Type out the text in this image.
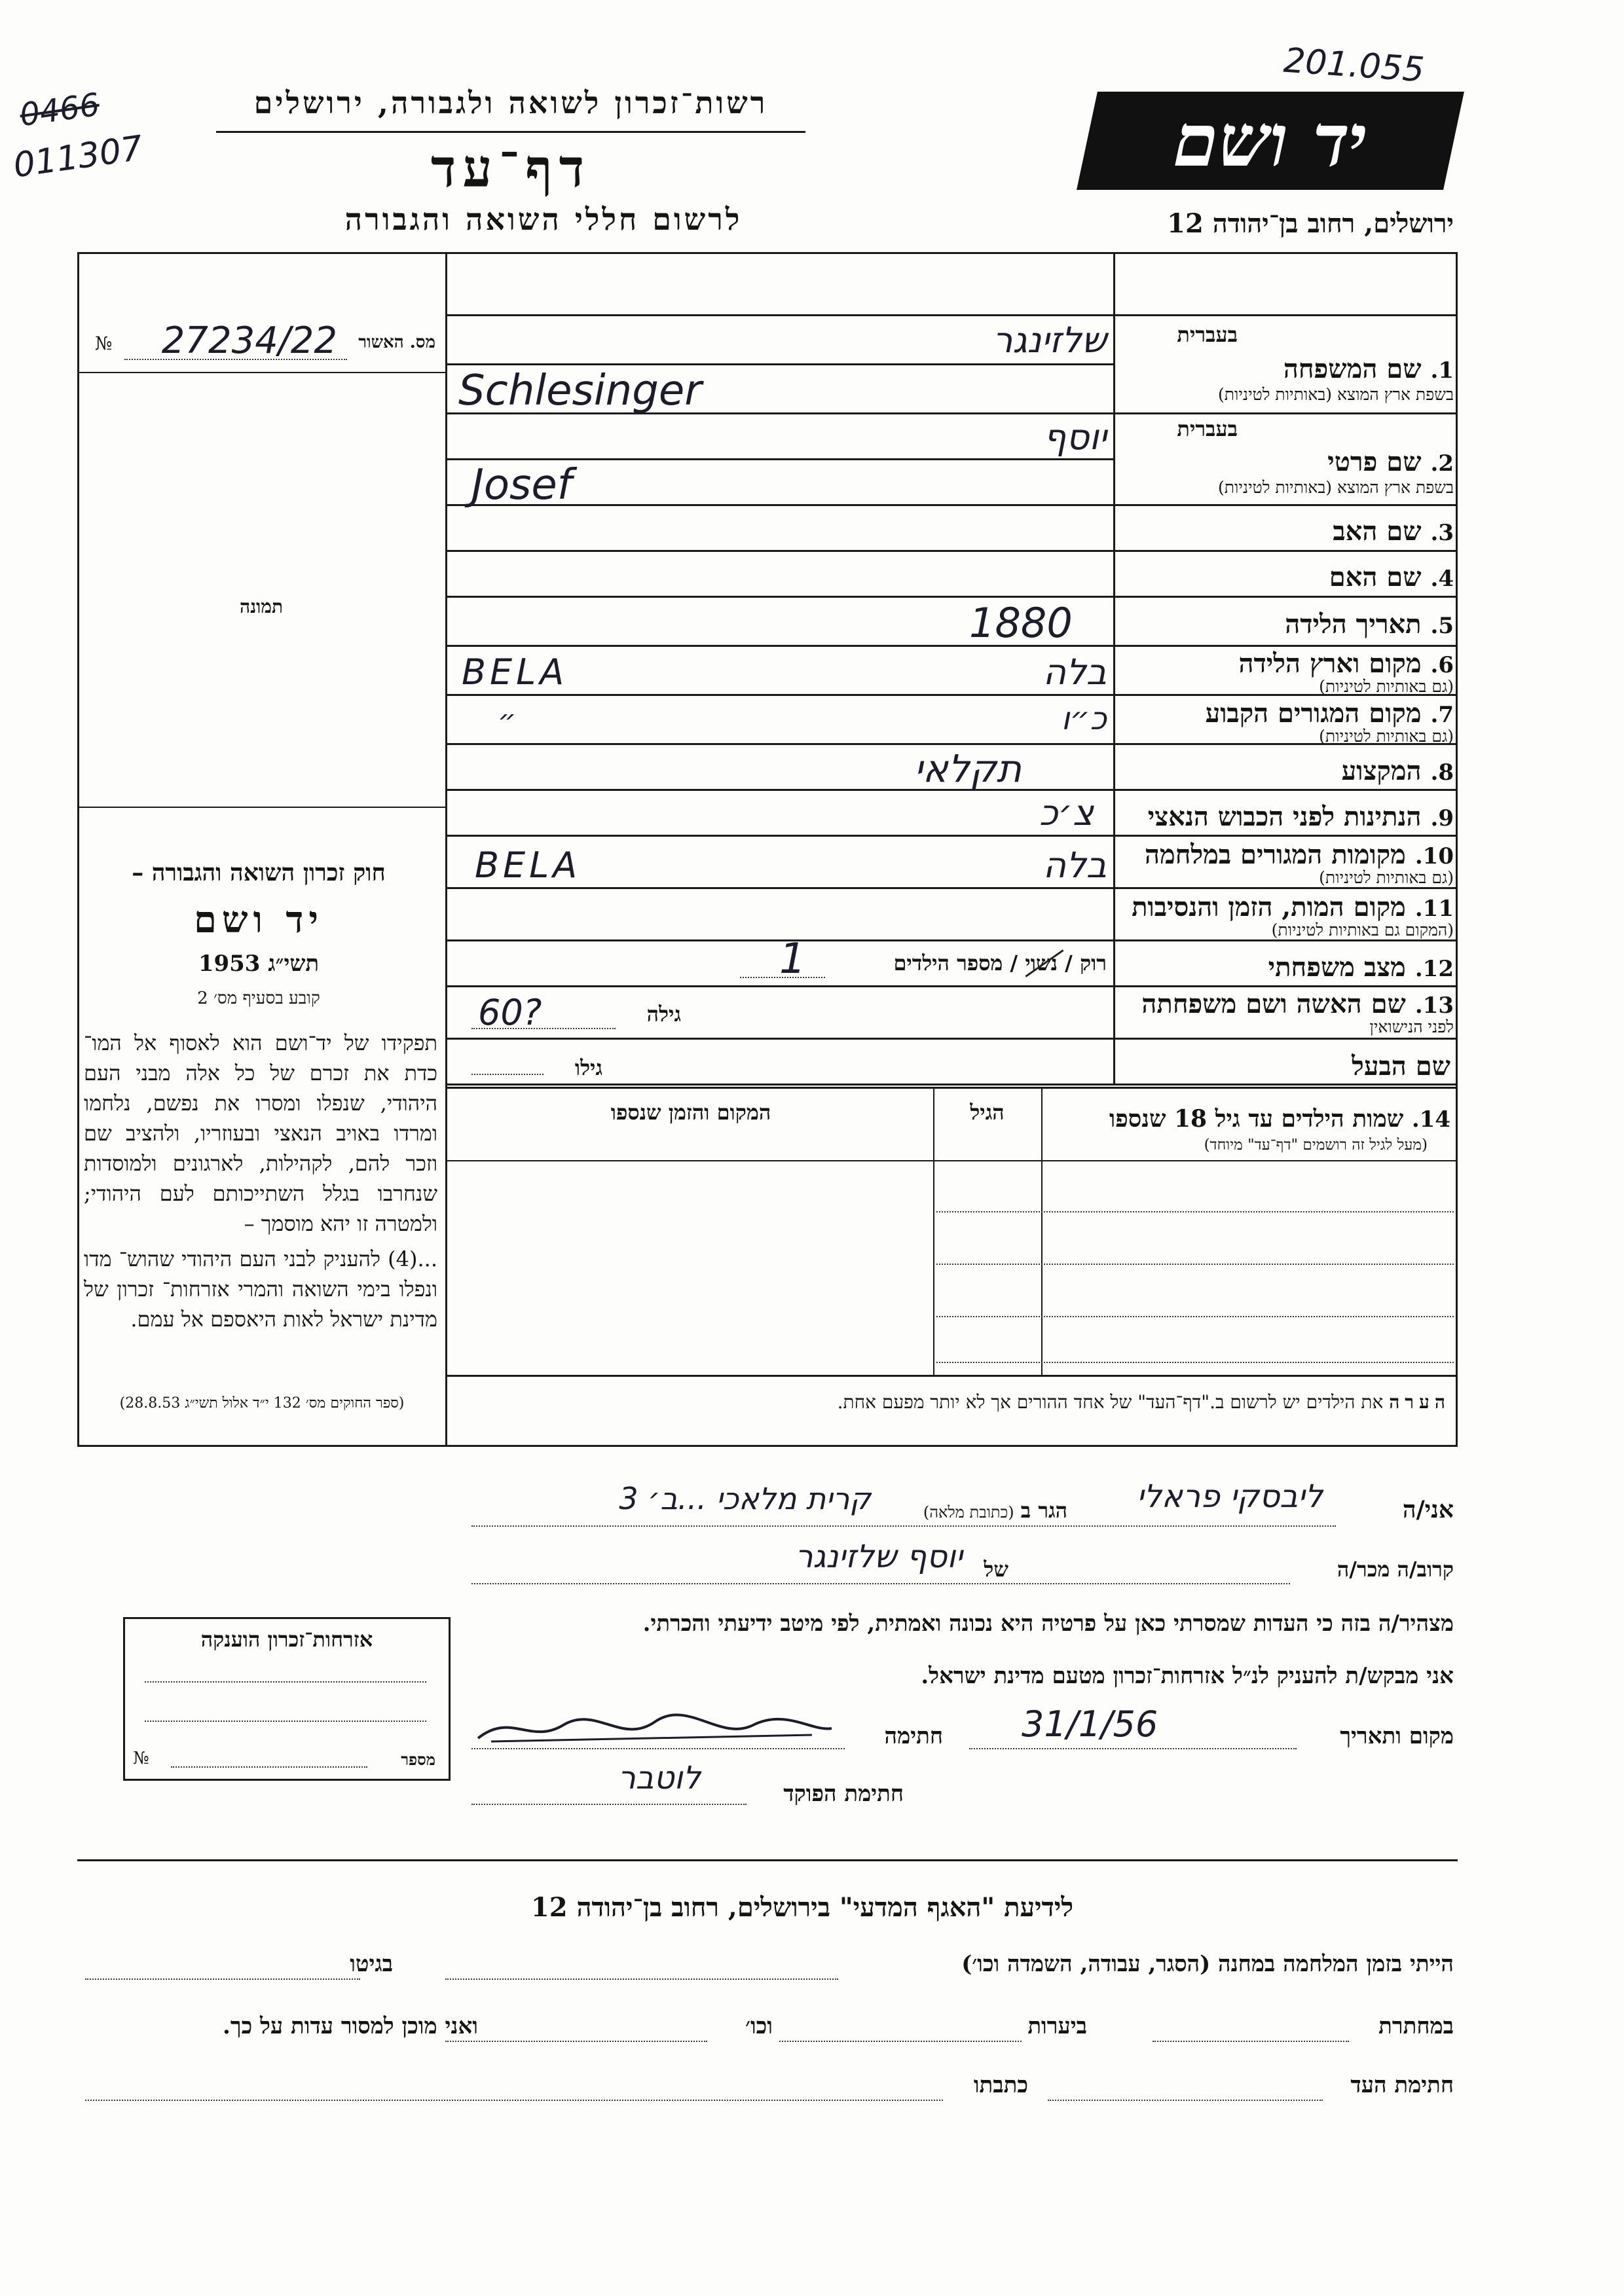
0466
011307
201.055
יד ושם
רשות־זכרון לשואה ולגבורה, ירושלים
דף־עד
לרשום חללי השואה והגבורה	ירושלים, רחוב בן־יהודה 12
מס. האשור
27234/22
№
תמונה
חוק זכרון השואה והגבורה –
יד ושם
תשי״ג 1953
קובע בסעיף מס׳ 2
תפקידו של יד־ושם הוא לאסוף אל המו־ כדת את זכרם של כל אלה מבני העם היהודי, שנפלו ומסרו את נפשם, נלחמו ומרדו באויב הנאצי ובעוזריו, ולהציב שם וזכר להם, לקהילות, לארגונים ולמוסדות שנחרבו בגלל השתייכותם לעם היהודי; ולמטרה זו יהא מוסמך –
...(4) להעניק לבני העם היהודי שהוש־ מדו ונפלו בימי השואה והמרי אזרחות־ זכרון של מדינת ישראל לאות היאספם אל עמם.
(ספר החוקים מס׳ 132 י״ד אלול תשי״ג 28.8.53)
בעברית
1. שם המשפחה
בשפת ארץ המוצא (באותיות לטיניות)
שלזינגר
Schlesinger
בעברית
2. שם פרטי
בשפת ארץ המוצא (באותיות לטיניות)
יוסף
Josef
3. שם האב
4. שם האם
5. תאריך הלידה
1880
6. מקום וארץ הלידה
(גם באותיות לטיניות)
BELA	בלה
7. מקום המגורים הקבוע
(גם באותיות לטיניות)
״	כ״ו
8. המקצוע
תקלאי
9. הנתינות לפני הכבוש הנאצי
צ׳כ
10. מקומות המגורים במלחמה
(גם באותיות לטיניות)
BELA	בלה
11. מקום המות, הזמן והנסיבות
(המקום גם באותיות לטיניות)
12. מצב משפחתי
רוק / נשוי / מספר הילדים
1
13. שם האשה ושם משפחתה
לפני הנישואין
גילה
60?
שם הבעל
גילו
14. שמות הילדים עד גיל 18 שנספו
(מעל לגיל זה רושמים "דף־עד" מיוחד)
הגיל
המקום והזמן שנספו
הערה את הילדים יש לרשום ב."דף־העד" של אחד ההורים אך לא יותר מפעם אחת.
אני/ה
ליבסקי פראלי
הגר ב (כתובת מלאה)
קרית מלאכי ...ב׳ 3
קרוב/ה מכר/ה
של
יוסף שלזינגר
מצהיר/ה בזה כי העדות שמסרתי כאן על פרטיה היא נכונה ואמתית, לפי מיטב ידיעתי והכרתי.
אני מבקש/ת להעניק לנ״ל אזרחות־זכרון מטעם מדינת ישראל.
מקום ותאריך
31/1/56
חתימה
חתימת הפוקד
לוטבר
אזרחות־זכרון הוענקה
מספר
№
לידיעת "האגף המדעי" בירושלים, רחוב בן־יהודה 12
הייתי בזמן המלחמה במחנה (הסגר, עבודה, השמדה וכו׳)
בגיטו
במחתרת
ביערות
וכו׳
ואני מוכן למסור עדות על כך.
חתימת העד
כתבתו
